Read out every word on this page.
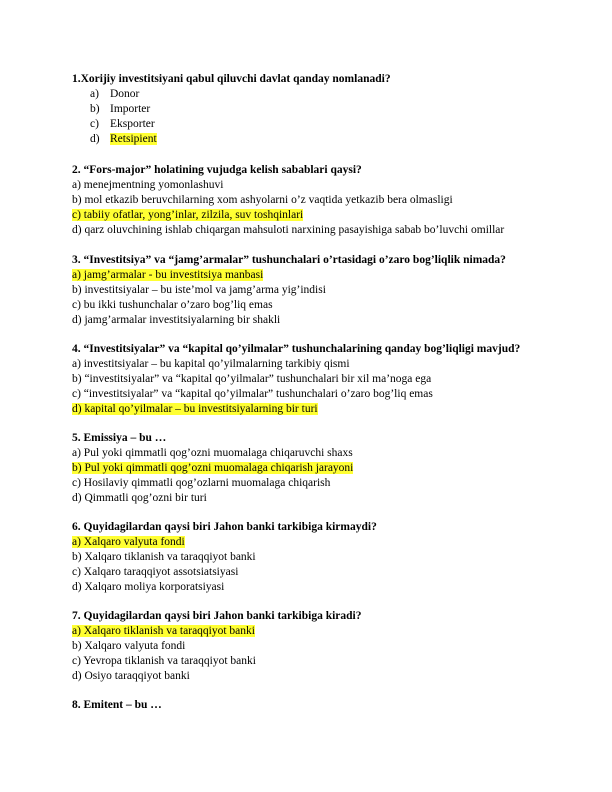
1.Xorijiy investitsiyani qabul qiluvchi davlat qanday nomlanadi?
a) Donor
b) Importer
c) Eksporter
d) Retsipient
2. “Fors-major” holatining vujudga kelish sabablari qaysi?
a) menejmentning yomonlashuvi
b) mol etkazib beruvchilarning xom ashyolarni o’z vaqtida yetkazib bera olmasligi
c) tabiiy ofatlar, yong’inlar, zilzila, suv toshqinlari
d) qarz oluvchining ishlab chiqargan mahsuloti narxining pasayishiga sabab bo’luvchi omillar
3. “Investitsiya” va “jamg’armalar” tushunchalari o’rtasidagi o’zaro bog’liqlik nimada?
a) jamg’armalar - bu investitsiya manbasi
b) investitsiyalar – bu iste’mol va jamg’arma yig’indisi
c) bu ikki tushunchalar o’zaro bog’liq emas
d) jamg’armalar investitsiyalarning bir shakli
4. “Investitsiyalar” va “kapital qo’yilmalar” tushunchalarining qanday bog’liqligi mavjud?
a) investitsiyalar – bu kapital qo’yilmalarning tarkibiy qismi
b) “investitsiyalar” va “kapital qo’yilmalar” tushunchalari bir xil ma’noga ega
c) “investitsiyalar” va “kapital qo’yilmalar” tushunchalari o’zaro bog’liq emas
d) kapital qo’yilmalar – bu investitsiyalarning bir turi
5. Emissiya – bu …
a) Pul yoki qimmatli qog’ozni muomalaga chiqaruvchi shaxs
b) Pul yoki qimmatli qog’ozni muomalaga chiqarish jarayoni
c) Hosilaviy qimmatli qog’ozlarni muomalaga chiqarish
d) Qimmatli qog’ozni bir turi
6. Quyidagilardan qaysi biri Jahon banki tarkibiga kirmaydi?
a) Xalqaro valyuta fondi
b) Xalqaro tiklanish va taraqqiyot banki
c) Xalqaro taraqqiyot assotsiatsiyasi
d) Xalqaro moliya korporatsiyasi
7. Quyidagilardan qaysi biri Jahon banki tarkibiga kiradi?
a) Xalqaro tiklanish va taraqqiyot banki
b) Xalqaro valyuta fondi
c) Yevropa tiklanish va taraqqiyot banki
d) Osiyo taraqqiyot banki
8. Emitent – bu …
